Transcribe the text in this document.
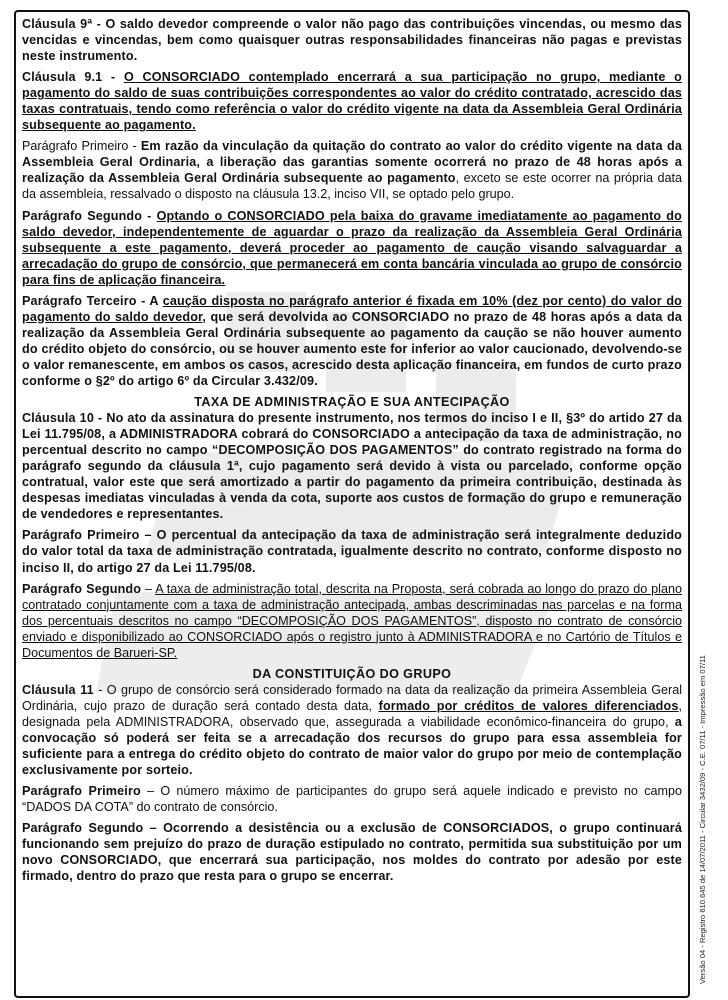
Cláusula 9ª - O saldo devedor compreende o valor não pago das contribuições vincendas, ou mesmo das vencidas e vincendas, bem como quaisquer outras responsabilidades financeiras não pagas e previstas neste instrumento.

Cláusula 9.1 - O CONSORCIADO contemplado encerrará a sua participação no grupo, mediante o pagamento do saldo de suas contribuições correspondentes ao valor do crédito contratado, acrescido das taxas contratuais, tendo como referência o valor do crédito vigente na data da Assembleia Geral Ordinária subsequente ao pagamento.

Parágrafo Primeiro - Em razão da vinculação da quitação do contrato ao valor do crédito vigente na data da Assembleia Geral Ordinaria, a liberação das garantias somente ocorrerá no prazo de 48 horas após a realização da Assembleia Geral Ordinária subsequente ao pagamento, exceto se este ocorrer na própria data da assembleia, ressalvado o disposto na cláusula 13.2, inciso VII, se optado pelo grupo.

Parágrafo Segundo - Optando o CONSORCIADO pela baixa do gravame imediatamente ao pagamento do saldo devedor, independentemente de aguardar o prazo da realização da Assembleia Geral Ordinária subsequente a este pagamento, deverá proceder ao pagamento de caução visando salvaguardar a arrecadação do grupo de consórcio, que permanecerá em conta bancária vinculada ao grupo de consórcio para fins de aplicação financeira.

Parágrafo Terceiro - A caução disposta no parágrafo anterior é fixada em 10% (dez por cento) do valor do pagamento do saldo devedor, que será devolvida ao CONSORCIADO no prazo de 48 horas após a data da realização da Assembleia Geral Ordinária subsequente ao pagamento da caução se não houver aumento do crédito objeto do consórcio, ou se houver aumento este for inferior ao valor caucionado, devolvendo-se o valor remanescente, em ambos os casos, acrescido desta aplicação financeira, em fundos de curto prazo conforme o §2º do artigo 6º da Circular 3.432/09.

TAXA DE ADMINISTRAÇÃO E SUA ANTECIPAÇÃO

Cláusula 10 - No ato da assinatura do presente instrumento, nos termos do inciso I e II, §3º do artido 27 da Lei 11.795/08, a ADMINISTRADORA cobrará do CONSORCIADO a antecipação da taxa de administração, no percentual descrito no campo “DECOMPOSIÇÃO DOS PAGAMENTOS” do contrato registrado na forma do parágrafo segundo da cláusula 1ª, cujo pagamento será devido à vista ou parcelado, conforme opção contratual, valor este que será amortizado a partir do pagamento da primeira contribuição, destinada às despesas imediatas vinculadas à venda da cota, suporte aos custos de formação do grupo e remuneração de vendedores e representantes.

Parágrafo Primeiro – O percentual da antecipação da taxa de administração será integralmente deduzido do valor total da taxa de administração contratada, igualmente descrito no contrato, conforme disposto no inciso II, do artigo 27 da Lei 11.795/08.

Parágrafo Segundo – A taxa de administração total, descrita na Proposta, será cobrada ao longo do prazo do plano contratado conjuntamente com a taxa de administração antecipada, ambas descriminadas nas parcelas e na forma dos percentuais descritos no campo “DECOMPOSIÇÃO DOS PAGAMENTOS”, disposto no contrato de consórcio enviado e disponibilizado ao CONSORCIADO após o registro junto à ADMINISTRADORA e no Cartório de Títulos e Documentos de Barueri-SP.

DA CONSTITUIÇÃO DO GRUPO

Cláusula 11 - O grupo de consórcio será considerado formado na data da realização da primeira Assembleia Geral Ordinária, cujo prazo de duração será contado desta data, formado por créditos de valores diferenciados, designada pela ADMINISTRADORA, observado que, assegurada a viabilidade econômico-financeira do grupo, a convocação só poderá ser feita se a arrecadação dos recursos do grupo para essa assembleia for suficiente para a entrega do crédito objeto do contrato de maior valor do grupo por meio de contemplação exclusivamente por sorteio.

Parágrafo Primeiro – O número máximo de participantes do grupo será aquele indicado e previsto no campo “DADOS DA COTA” do contrato de consórcio.

Parágrafo Segundo – Ocorrendo a desistência ou a exclusão de CONSORCIADOS, o grupo continuará funcionando sem prejuízo do prazo de duração estipulado no contrato, permitida sua substituição por um novo CONSORCIADO, que encerrará sua participação, nos moldes do contrato por adesão por este firmado, dentro do prazo que resta para o grupo se encerrar.	Versão 04 - Registro 610.645 de 14/07/2011 - Circular 3432/09 - C.E. 07/11 - Impressão em 07/11
